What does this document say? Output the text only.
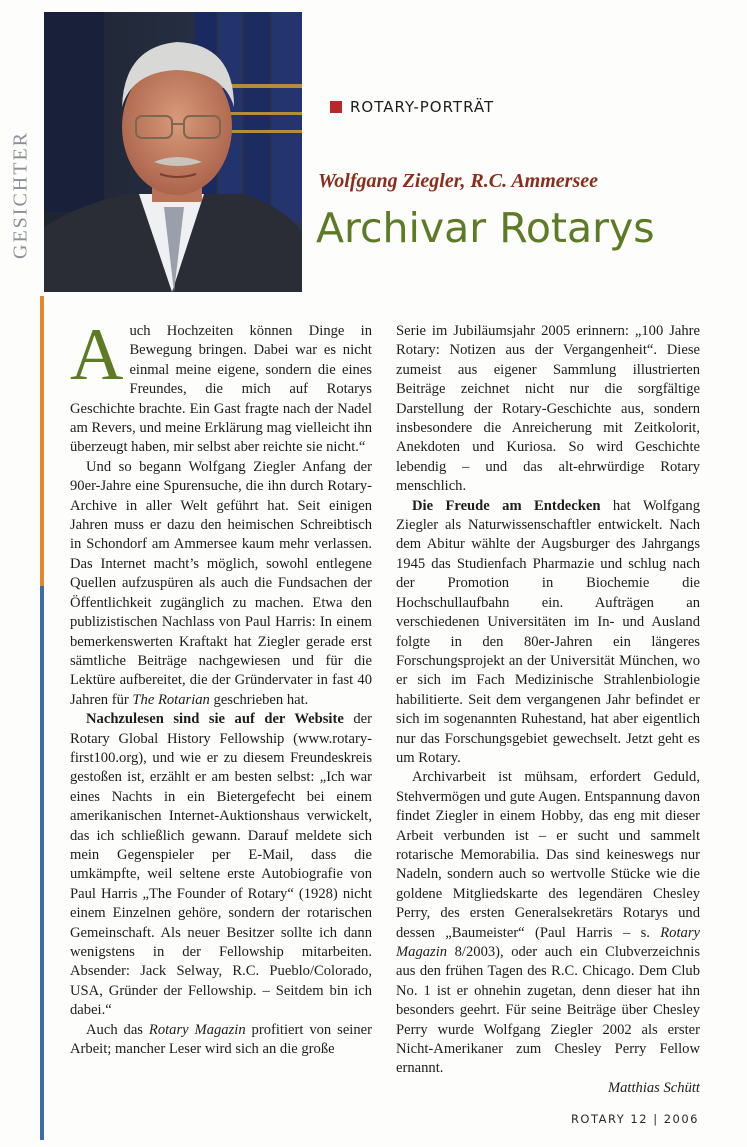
GESICHTER
ROTARY-PORTRÄT
Wolfgang Ziegler, R.C. Ammersee
Archivar Rotarys

Auch Hochzeiten können Dinge in Bewegung bringen. Dabei war es nicht einmal meine eigene, sondern die eines Freundes, die mich auf Rotarys Geschichte brachte. Ein Gast fragte nach der Nadel am Revers, und meine Erklärung mag vielleicht ihn überzeugt haben, mir selbst aber reichte sie nicht.“

Und so begann Wolfgang Ziegler Anfang der 90er-Jahre eine Spurensuche, die ihn durch Rotary-Archive in aller Welt geführt hat. Seit einigen Jahren muss er dazu den heimischen Schreibtisch in Schondorf am Ammersee kaum mehr verlassen. Das Internet macht’s möglich, sowohl entlegene Quellen aufzuspüren als auch die Fundsachen der Öffentlichkeit zugänglich zu machen. Etwa den publizistischen Nachlass von Paul Harris: In einem bemerkenswerten Kraftakt hat Ziegler gerade erst sämtliche Beiträge nachgewiesen und für die Lektüre aufbereitet, die der Gründervater in fast 40 Jahren für The Rotarian geschrieben hat.

Nachzulesen sind sie auf der Website der Rotary Global History Fellowship (www.rotary-first100.org), und wie er zu diesem Freundeskreis gestoßen ist, erzählt er am besten selbst: „Ich war eines Nachts in ein Bietergefecht bei einem amerikanischen Internet-Auktionshaus verwickelt, das ich schließlich gewann. Darauf meldete sich mein Gegenspieler per E-Mail, dass die umkämpfte, weil seltene erste Autobiografie von Paul Harris „The Founder of Rotary“ (1928) nicht einem Einzelnen gehöre, sondern der rotarischen Gemeinschaft. Als neuer Besitzer sollte ich dann wenigstens in der Fellowship mitarbeiten. Absender: Jack Selway, R.C. Pueblo/Colorado, USA, Gründer der Fellowship. – Seitdem bin ich dabei.“

Auch das Rotary Magazin profitiert von seiner Arbeit; mancher Leser wird sich an die große

Serie im Jubiläumsjahr 2005 erinnern: „100 Jahre Rotary: Notizen aus der Vergangenheit“. Diese zumeist aus eigener Sammlung illustrierten Beiträge zeichnet nicht nur die sorgfältige Darstellung der Rotary-Geschichte aus, sondern insbesondere die Anreicherung mit Zeitkolorit, Anekdoten und Kuriosa. So wird Geschichte lebendig – und das alt-ehrwürdige Rotary menschlich.

Die Freude am Entdecken hat Wolfgang Ziegler als Naturwissenschaftler entwickelt. Nach dem Abitur wählte der Augsburger des Jahrgangs 1945 das Studienfach Pharmazie und schlug nach der Promotion in Biochemie die Hochschullaufbahn ein. Aufträgen an verschiedenen Universitäten im In- und Ausland folgte in den 80er-Jahren ein längeres Forschungsprojekt an der Universität München, wo er sich im Fach Medizinische Strahlenbiologie habilitierte. Seit dem vergangenen Jahr befindet er sich im sogenannten Ruhestand, hat aber eigentlich nur das Forschungsgebiet gewechselt. Jetzt geht es um Rotary.

Archivarbeit ist mühsam, erfordert Geduld, Stehvermögen und gute Augen. Entspannung davon findet Ziegler in einem Hobby, das eng mit dieser Arbeit verbunden ist – er sucht und sammelt rotarische Memorabilia. Das sind keineswegs nur Nadeln, sondern auch so wertvolle Stücke wie die goldene Mitgliedskarte des legendären Chesley Perry, des ersten Generalsekretärs Rotarys und dessen „Baumeister“ (Paul Harris – s. Rotary Magazin 8/2003), oder auch ein Clubverzeichnis aus den frühen Tagen des R.C. Chicago. Dem Club No. 1 ist er ohnehin zugetan, denn dieser hat ihn besonders geehrt. Für seine Beiträge über Chesley Perry wurde Wolfgang Ziegler 2002 als erster Nicht-Amerikaner zum Chesley Perry Fellow ernannt.

Matthias Schütt

ROTARY 12 | 2006
